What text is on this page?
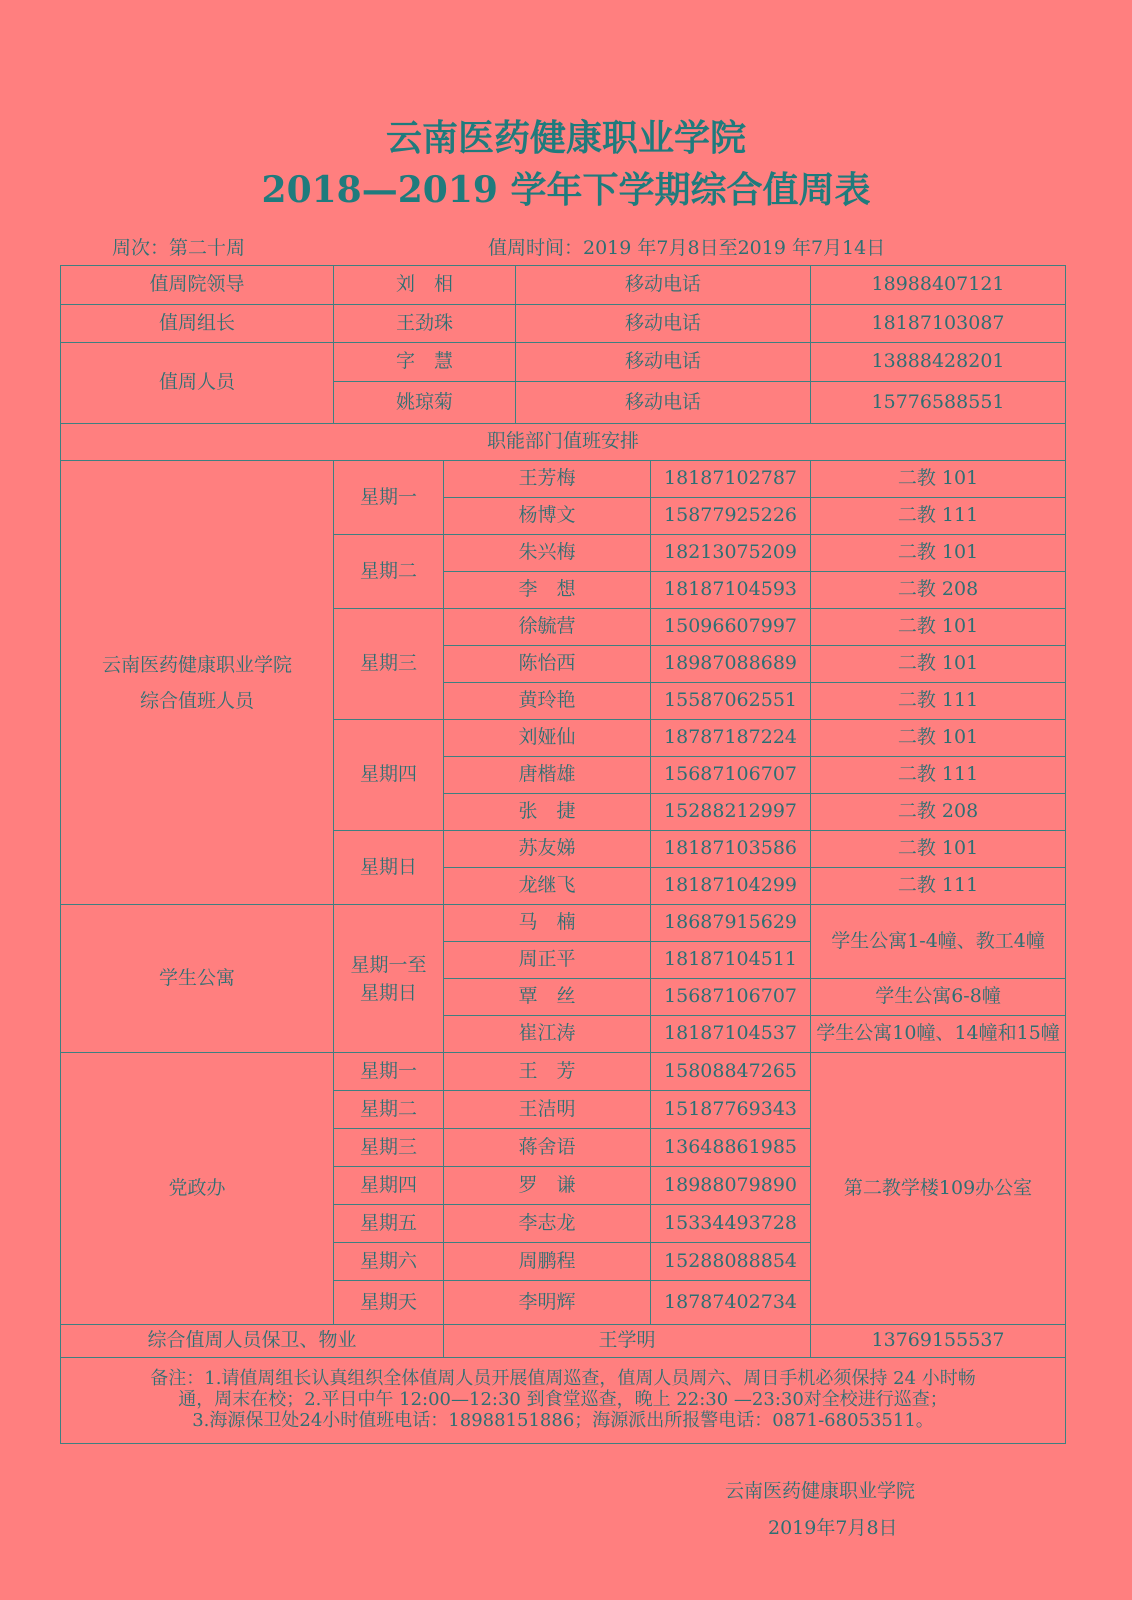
云南医药健康职业学院
2018—2019 学年下学期综合值周表
周次：第二十周	值周时间：2019 年7月8日至2019 年7月14日
值周院领导	刘　相		移动电话		18988407121
值周组长	王劲珠		移动电话		18187103087
值周人员	字　慧		移动电话		13888428201
	姚琼菊		移动电话		15776588551
职能部门值班安排					

云南医药健康职业学院
综合值班人员	星期一	王芳梅		18187102787	二教 101
		杨博文		15877925226	二教 111
	星期二	朱兴梅		18213075209	二教 101
		李　想		18187104593	二教 208
	星期三	徐毓营		15096607997	二教 101
		陈怡西		18987088689	二教 101
		黄玲艳		15587062551	二教 111
	星期四	刘娅仙		18787187224	二教 101
		唐楷雄		15687106707	二教 111
		张　捷		15288212997	二教 208
	星期日	苏友娣		18187103586	二教 101
		龙继飞		18187104299	二教 111
学生公寓	星期一至
星期日	马　楠		18687915629	学生公寓1-4幢、教工4幢
		周正平		18187104511	
		覃　丝		15687106707	学生公寓6-8幢
		崔江涛		18187104537	学生公寓10幢、14幢和15幢
党政办	星期一	王　芳		15808847265	第二教学楼109办公室
	星期二	王洁明		15187769343	
	星期三	蒋舍语		13648861985	
	星期四	罗　谦		18988079890	
	星期五	李志龙		15334493728	
	星期六	周鹏程		15288088854	
	星期天	李明辉		18787402734	
综合值周人员保卫、物业		王学明			13769155537

备注：1.请值周组长认真组织全体值周人员开展值周巡查，值周人员周六、周日手机必须保持 24 小时畅
通，周末在校；2.平日中午 12:00—12:30 到食堂巡查，晚上 22:30 —23:30对全校进行巡查；
3.海源保卫处24小时值班电话：18988151886；海源派出所报警电话：0871-68053511。					
云南医药健康职业学院
2019年7月8日
